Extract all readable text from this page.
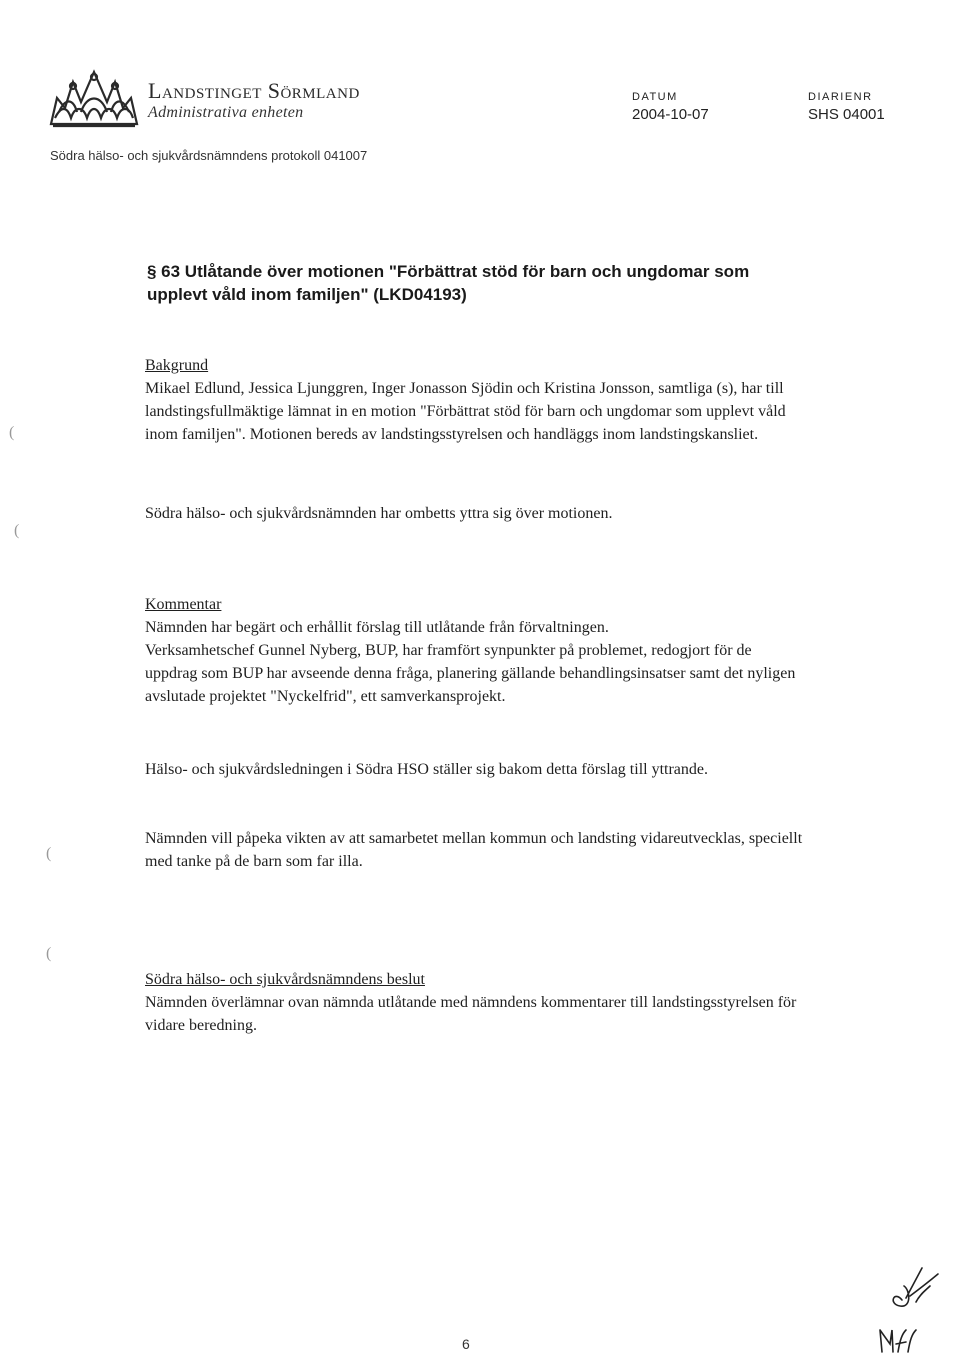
LANDSTINGET SÖRMLAND
Administrativa enheten
DATUM
2004-10-07
DIARIENR
SHS 04001
Södra hälso- och sjukvårdsnämndens protokoll 041007
§ 63 Utlåtande över motionen "Förbättrat stöd för barn och ungdomar som upplevt våld inom familjen" (LKD04193)
Bakgrund
Mikael Edlund, Jessica Ljunggren, Inger Jonasson Sjödin och Kristina Jonsson, samtliga (s), har till landstingsfullmäktige lämnat in en motion "Förbättrat stöd för barn och ungdomar som upplevt våld inom familjen". Motionen bereds av landstingsstyrelsen och handläggs inom landstingskansliet.
Södra hälso- och sjukvårdsnämnden har ombetts yttra sig över motionen.
Kommentar
Nämnden har begärt och erhållit förslag till utlåtande från förvaltningen.
Verksamhetschef Gunnel Nyberg, BUP, har framfört synpunkter på problemet, redogjort för de uppdrag som BUP har avseende denna fråga, planering gällande behandlingsinsatser samt det nyligen avslutade projektet "Nyckelfrid", ett samverkansprojekt.
Hälso- och sjukvårdsledningen i Södra HSO ställer sig bakom detta förslag till yttrande.
Nämnden vill påpeka vikten av att samarbetet mellan kommun och landsting vidareutvecklas, speciellt med tanke på de barn som far illa.
Södra hälso- och sjukvårdsnämndens beslut
Nämnden överlämnar ovan nämnda utlåtande med nämndens kommentarer till landstingsstyrelsen för vidare beredning.
(
(
(
(
6
